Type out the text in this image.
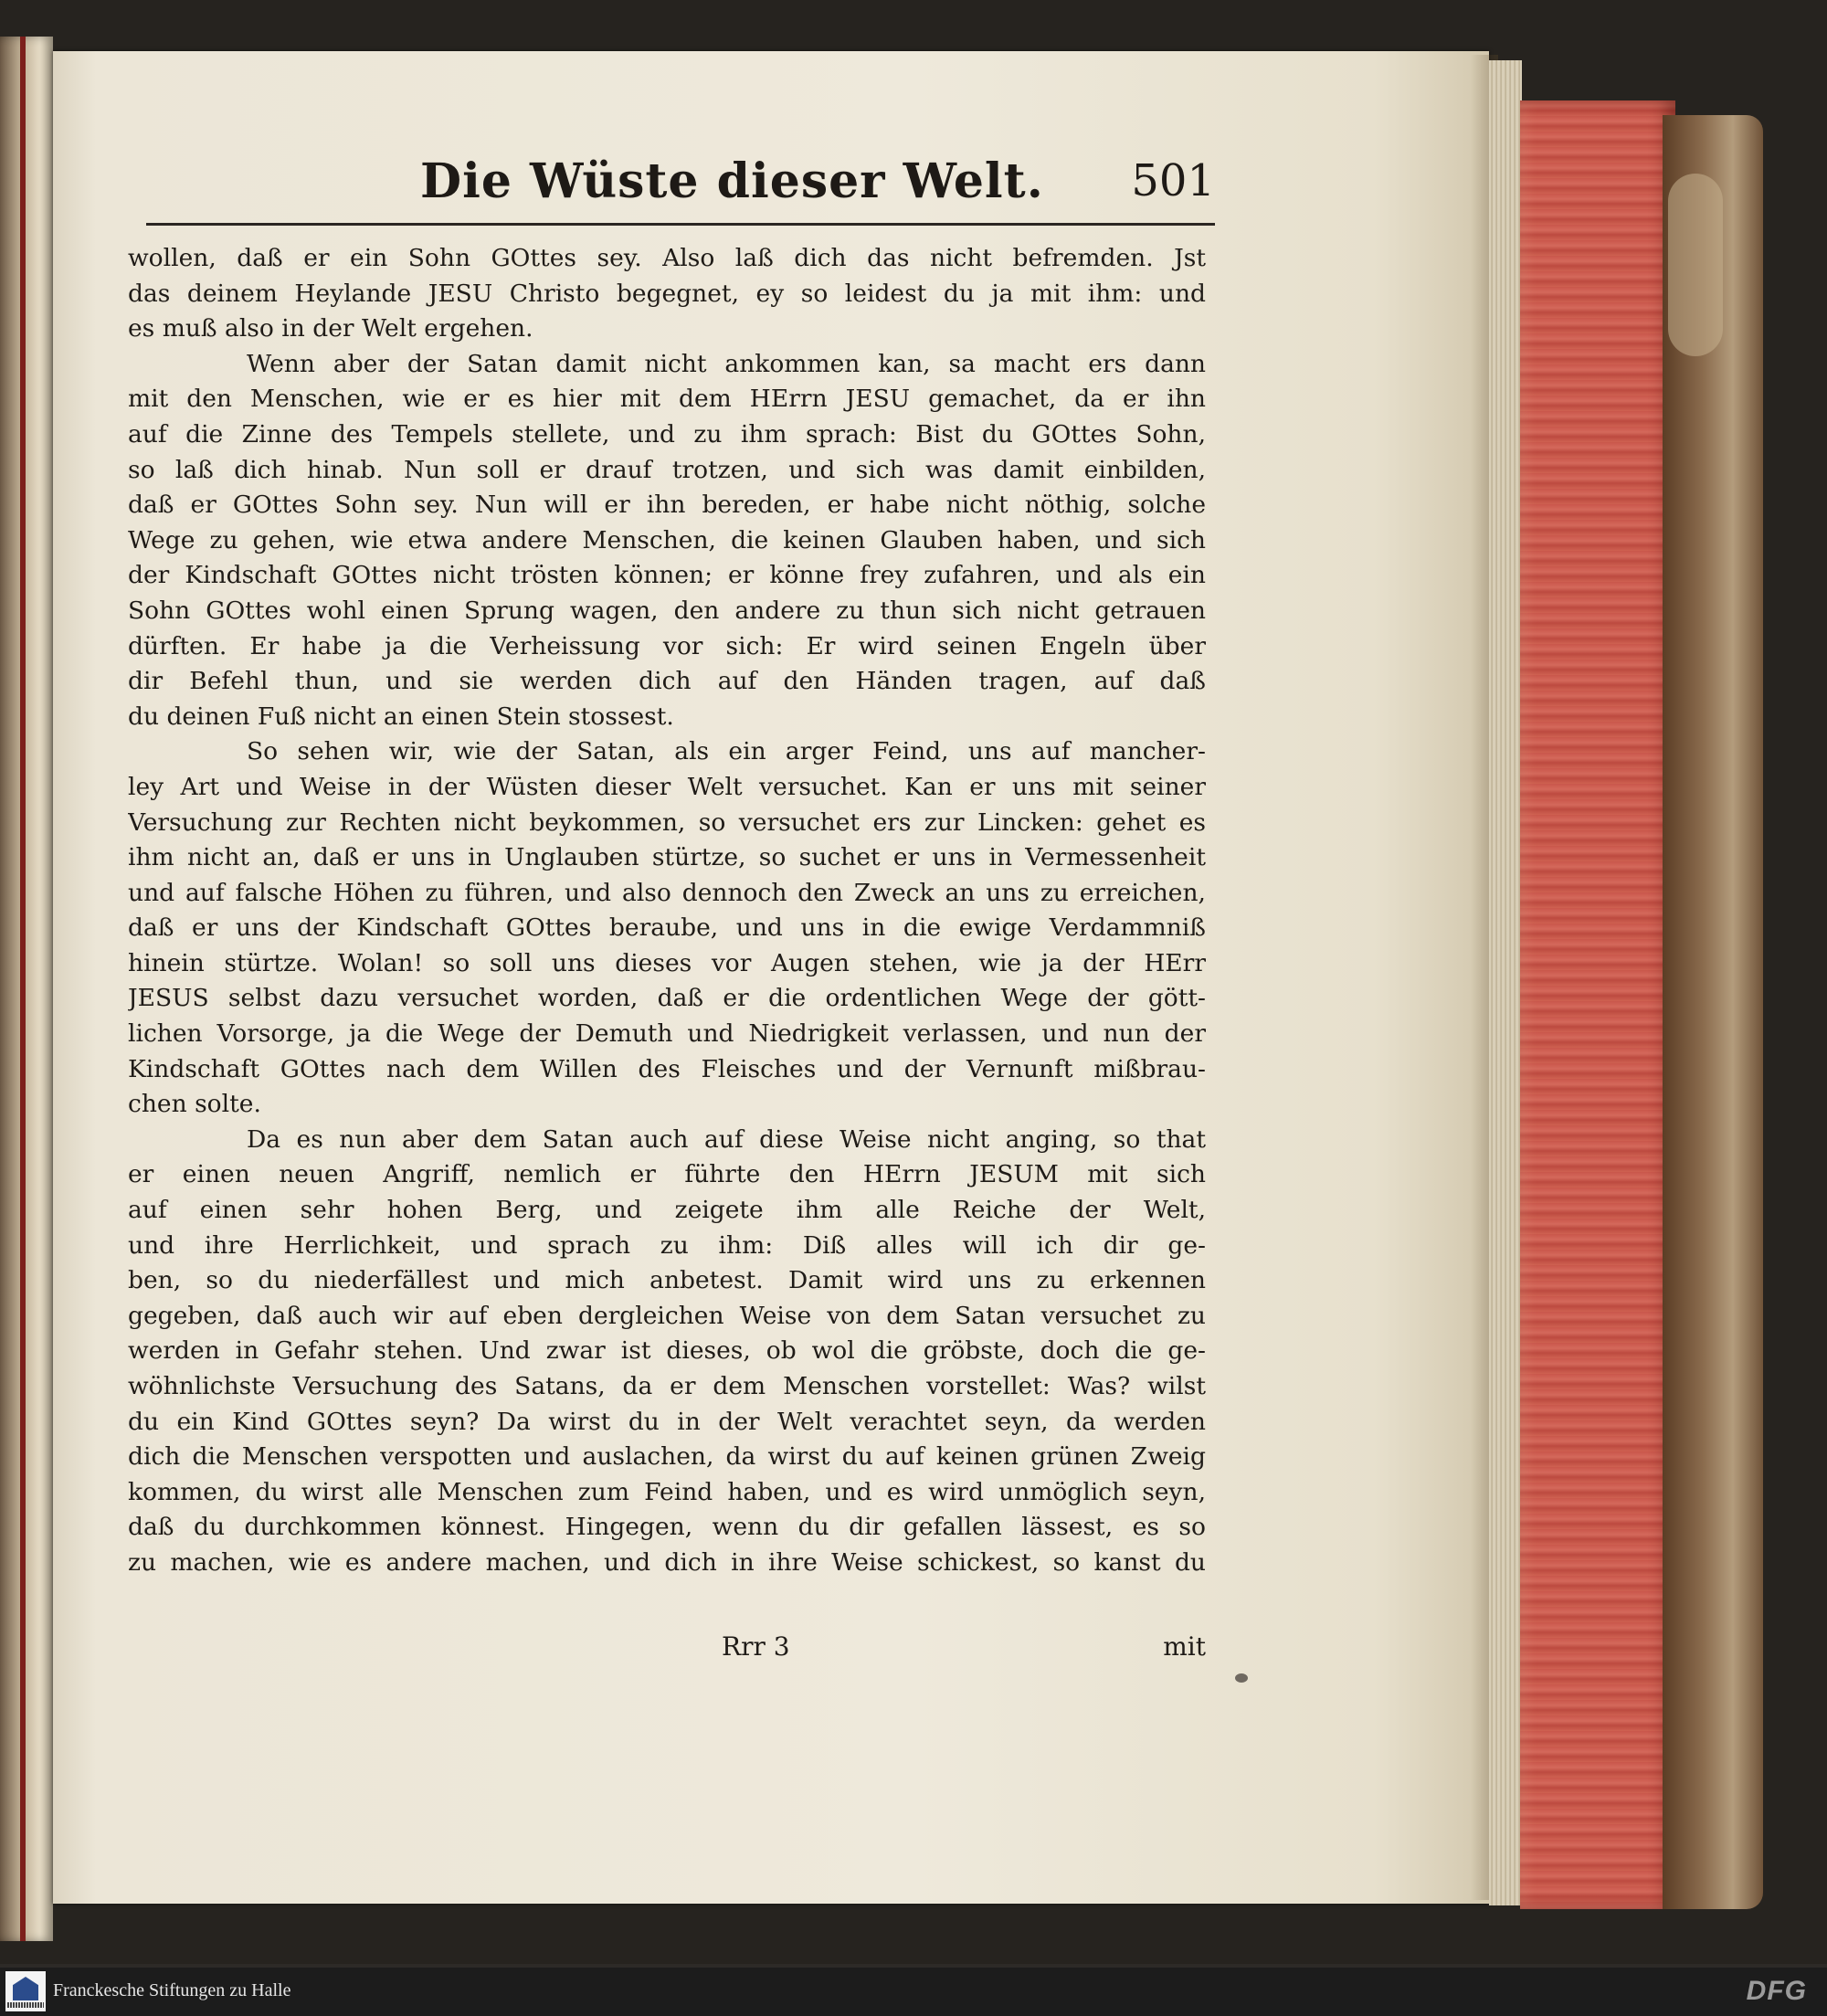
Die Wüste dieser Welt. 501
wollen, daß er ein Sohn GOttes sey. Also laß dich das nicht befremden. Jst
das deinem Heylande JESU Christo begegnet, ey so leidest du ja mit ihm: und
es muß also in der Welt ergehen.
Wenn aber der Satan damit nicht ankommen kan, sa macht ers dann
mit den Menschen, wie er es hier mit dem HErrn JESU gemachet, da er ihn
auf die Zinne des Tempels stellete, und zu ihm sprach: Bist du GOttes Sohn,
so laß dich hinab. Nun soll er drauf trotzen, und sich was damit einbilden,
daß er GOttes Sohn sey. Nun will er ihn bereden, er habe nicht nöthig, solche
Wege zu gehen, wie etwa andere Menschen, die keinen Glauben haben, und sich
der Kindschaft GOttes nicht trösten können; er könne frey zufahren, und als ein
Sohn GOttes wohl einen Sprung wagen, den andere zu thun sich nicht getrauen
dürften. Er habe ja die Verheissung vor sich: Er wird seinen Engeln über
dir Befehl thun, und sie werden dich auf den Händen tragen, auf daß
du deinen Fuß nicht an einen Stein stossest.
So sehen wir, wie der Satan, als ein arger Feind, uns auf mancher-
ley Art und Weise in der Wüsten dieser Welt versuchet. Kan er uns mit seiner
Versuchung zur Rechten nicht beykommen, so versuchet ers zur Lincken: gehet es
ihm nicht an, daß er uns in Unglauben stürtze, so suchet er uns in Vermessenheit
und auf falsche Höhen zu führen, und also dennoch den Zweck an uns zu erreichen,
daß er uns der Kindschaft GOttes beraube, und uns in die ewige Verdammniß
hinein stürtze. Wolan! so soll uns dieses vor Augen stehen, wie ja der HErr
JESUS selbst dazu versuchet worden, daß er die ordentlichen Wege der gött-
lichen Vorsorge, ja die Wege der Demuth und Niedrigkeit verlassen, und nun der
Kindschaft GOttes nach dem Willen des Fleisches und der Vernunft mißbrau-
chen solte.
Da es nun aber dem Satan auch auf diese Weise nicht anging, so that
er einen neuen Angriff, nemlich er führte den HErrn JESUM mit sich
auf einen sehr hohen Berg, und zeigete ihm alle Reiche der Welt,
und ihre Herrlichkeit, und sprach zu ihm: Diß alles will ich dir ge-
ben, so du niederfällest und mich anbetest. Damit wird uns zu erkennen
gegeben, daß auch wir auf eben dergleichen Weise von dem Satan versuchet zu
werden in Gefahr stehen. Und zwar ist dieses, ob wol die gröbste, doch die ge-
wöhnlichste Versuchung des Satans, da er dem Menschen vorstellet: Was? wilst
du ein Kind GOttes seyn? Da wirst du in der Welt verachtet seyn, da werden
dich die Menschen verspotten und auslachen, da wirst du auf keinen grünen Zweig
kommen, du wirst alle Menschen zum Feind haben, und es wird unmöglich seyn,
daß du durchkommen könnest. Hingegen, wenn du dir gefallen lässest, es so
zu machen, wie es andere machen, und dich in ihre Weise schickest, so kanst du
Rrr 3	mit
Franckesche Stiftungen zu Halle	DFG
